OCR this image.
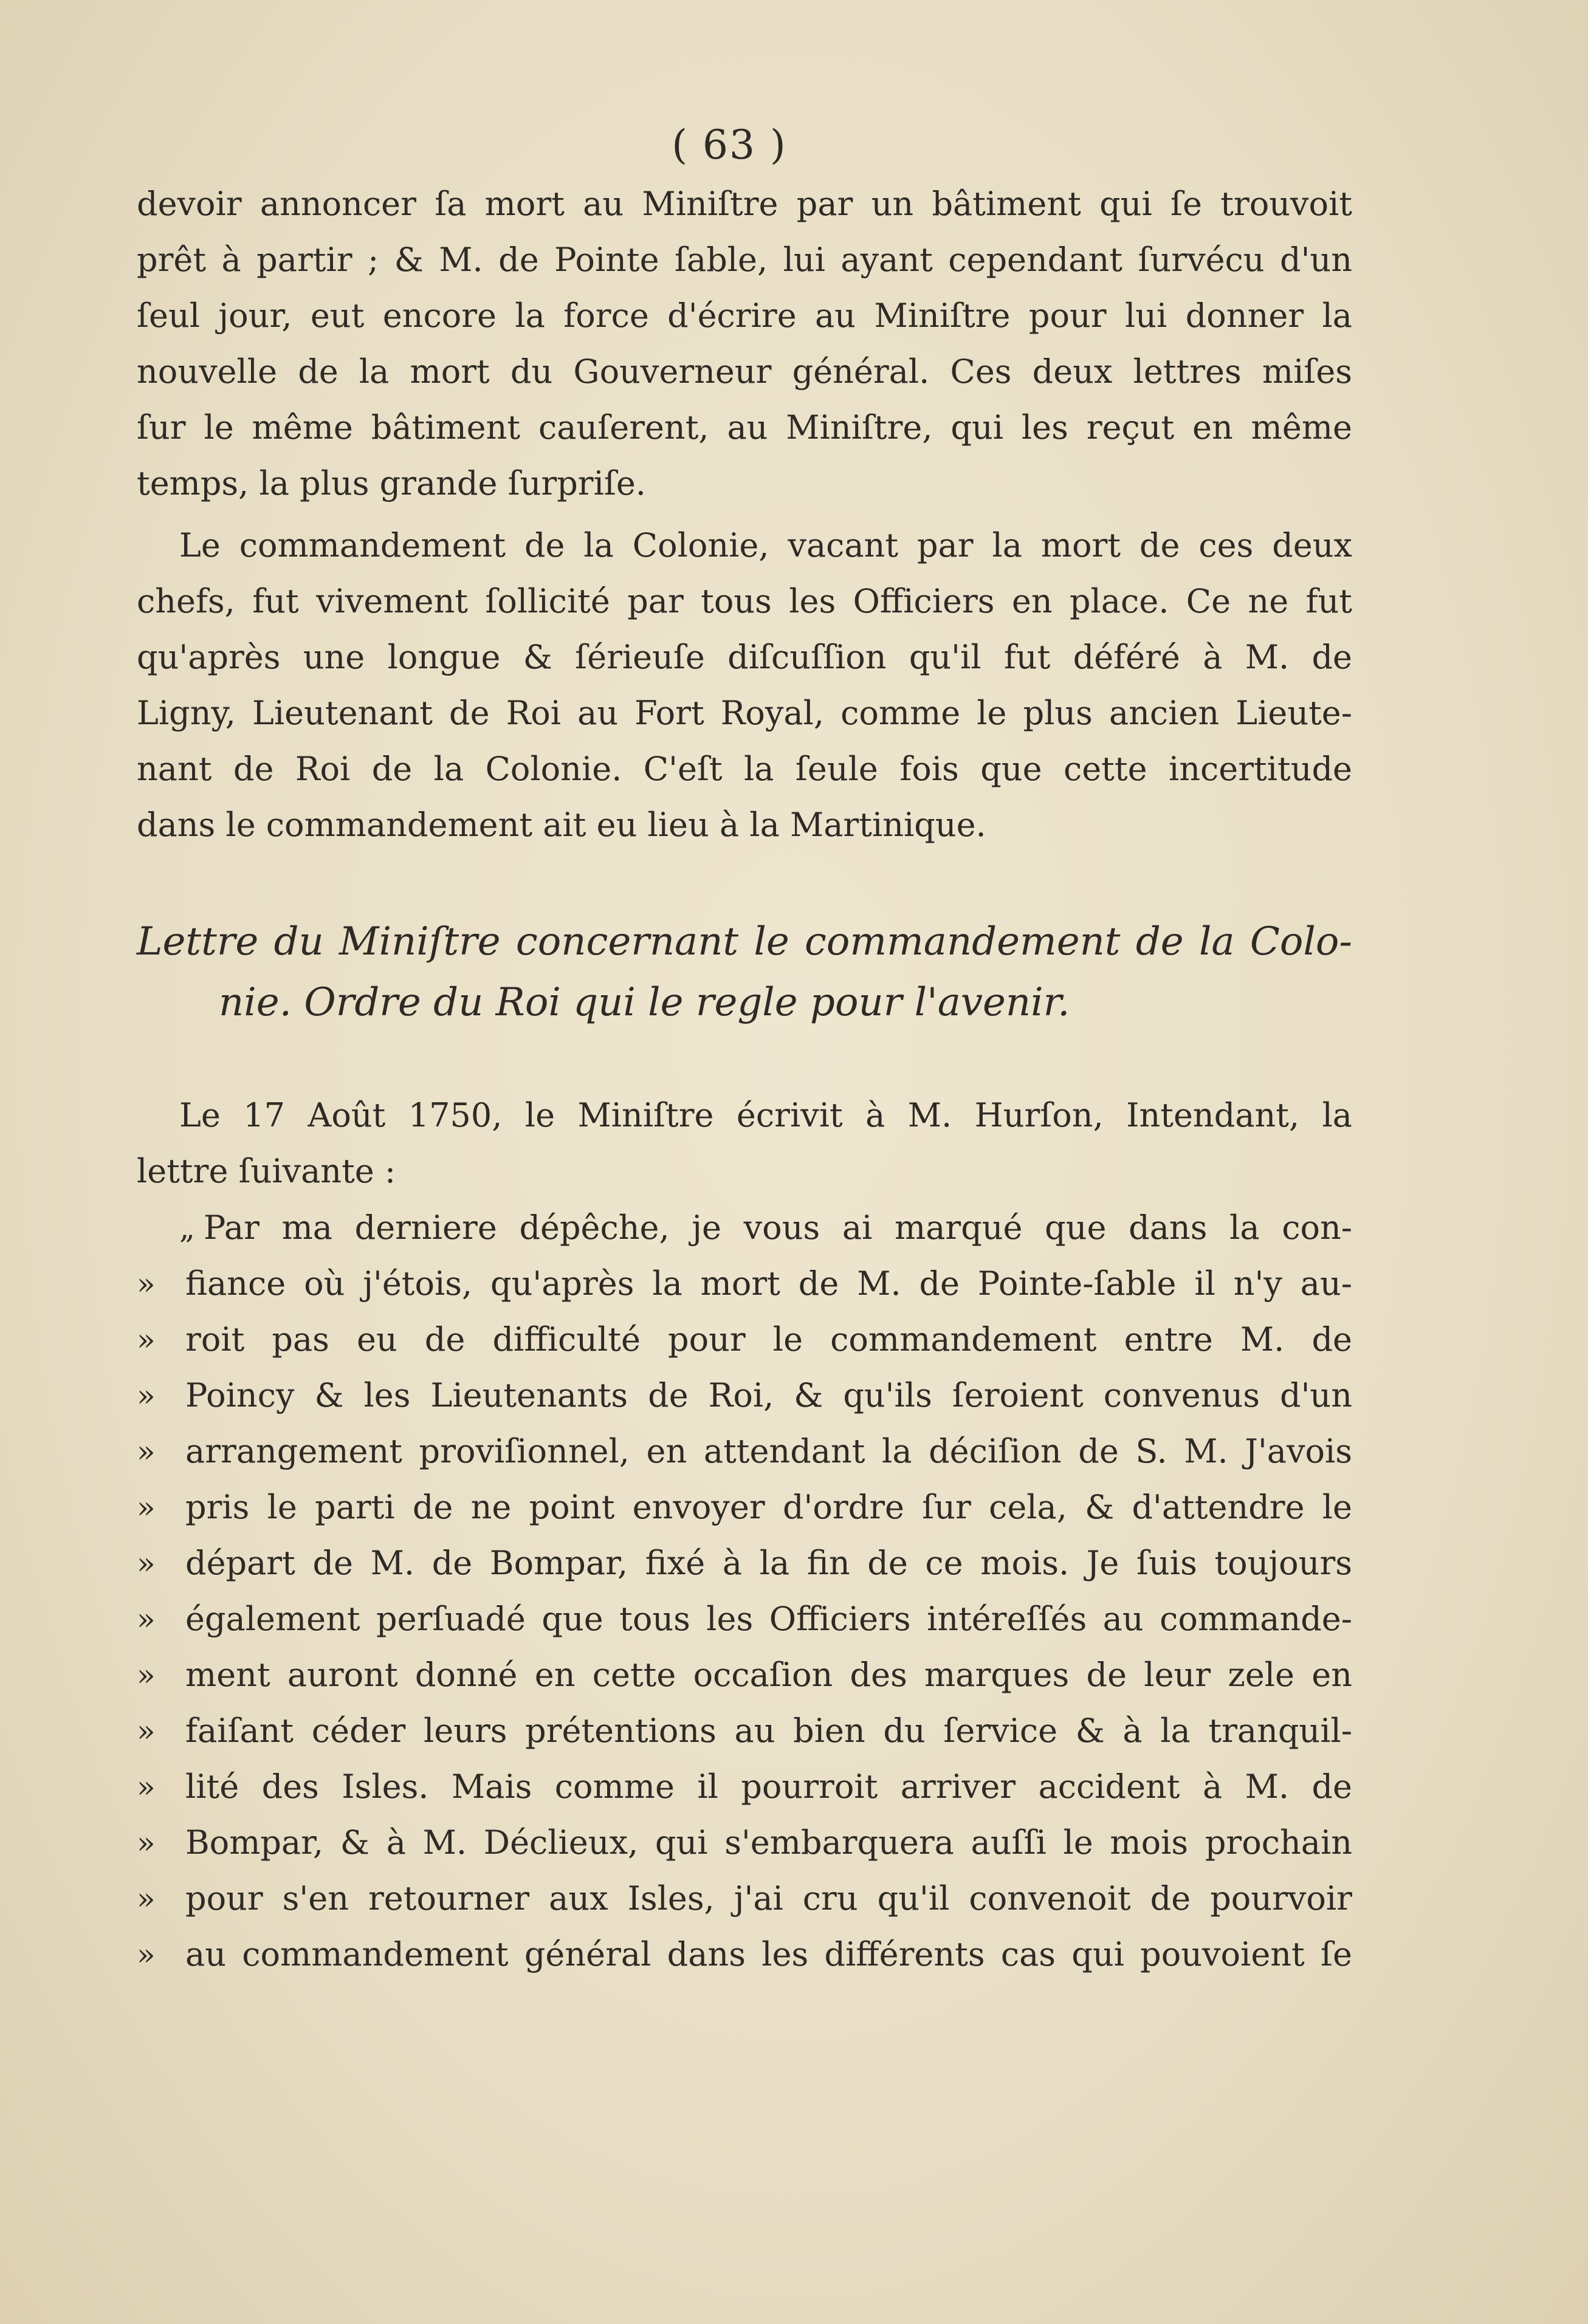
( 63 )
devoir annoncer ſa mort au Miniſtre par un bâtiment qui ſe trouvoit
prêt à partir ; & M. de Pointe ſable, lui ayant cependant ſurvécu d'un
ſeul jour, eut encore la force d'écrire au Miniſtre pour lui donner la
nouvelle de la mort du Gouverneur général. Ces deux lettres miſes
ſur le même bâtiment cauſerent, au Miniſtre, qui les reçut en même
temps, la plus grande ſurpriſe.
Le commandement de la Colonie, vacant par la mort de ces deux
chefs, fut vivement ſollicité par tous les Officiers en place. Ce ne fut
qu'après une longue & ſérieuſe diſcuſſion qu'il fut déféré à M. de
Ligny, Lieutenant de Roi au Fort Royal, comme le plus ancien Lieute-
nant de Roi de la Colonie. C'eſt la ſeule fois que cette incertitude
dans le commandement ait eu lieu à la Martinique.
Lettre du Miniſtre concernant le commandement de la Colo-
nie. Ordre du Roi qui le regle pour l'avenir.
Le 17 Août 1750, le Miniſtre écrivit à M. Hurſon, Intendant, la
lettre ſuivante :
„ Par ma derniere dépêche, je vous ai marqué que dans la con-
» fiance où j'étois, qu'après la mort de M. de Pointe-ſable il n'y au-
» roit pas eu de difficulté pour le commandement entre M. de
» Poincy & les Lieutenants de Roi, & qu'ils ſeroient convenus d'un
» arrangement proviſionnel, en attendant la déciſion de S. M. J'avois
» pris le parti de ne point envoyer d'ordre ſur cela, & d'attendre le
» départ de M. de Bompar, fixé à la fin de ce mois. Je ſuis toujours
» également perſuadé que tous les Officiers intéreſſés au commande-
» ment auront donné en cette occaſion des marques de leur zele en
» faiſant céder leurs prétentions au bien du ſervice & à la tranquil-
» lité des Isles. Mais comme il pourroit arriver accident à M. de
» Bompar, & à M. Déclieux, qui s'embarquera auſſi le mois prochain
» pour s'en retourner aux Isles, j'ai cru qu'il convenoit de pourvoir
» au commandement général dans les différents cas qui pouvoient ſe
